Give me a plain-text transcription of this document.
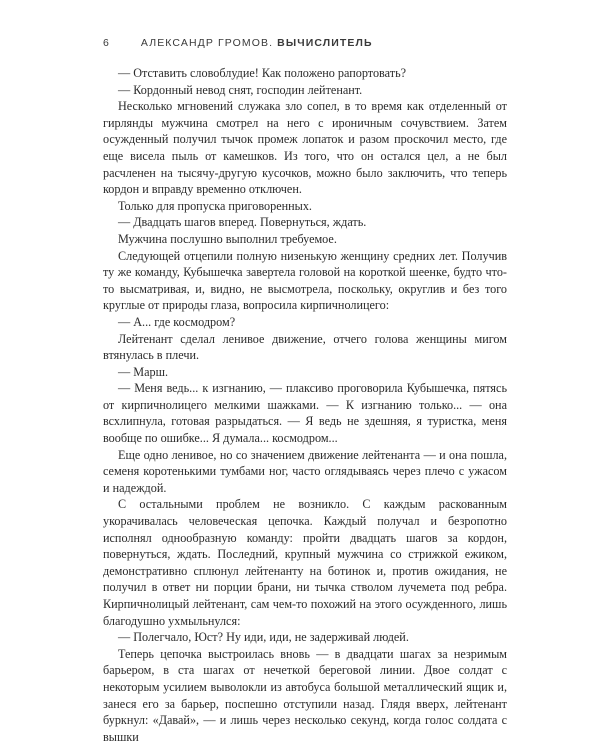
6	АЛЕКСАНДР ГРОМОВ. ВЫЧИСЛИТЕЛЬ

— Отставить словоблудие! Как положено рапортовать?

— Кордонный невод снят, господин лейтенант.

Несколько мгновений служака зло сопел, в то время как отделенный от гирлянды мужчина смотрел на него с ироничным сочувствием. Затем осужденный получил тычок промеж лопаток и разом проскочил место, где еще висела пыль от камешков. Из того, что он остался цел, а не был расчленен на тысячу-другую кусочков, можно было заключить, что теперь кордон и вправду временно отключен.

Только для пропуска приговоренных.

— Двадцать шагов вперед. Повернуться, ждать.

Мужчина послушно выполнил требуемое.

Следующей отцепили полную низенькую женщину средних лет. Получив ту же команду, Кубышечка завертела головой на короткой шеенке, будто что-то высматривая, и, видно, не высмотрела, поскольку, округлив и без того круглые от природы глаза, вопросила кирпичнолицего:

— А... где космодром?

Лейтенант сделал ленивое движение, отчего голова женщины мигом втянулась в плечи.

— Марш.

— Меня ведь... к изгнанию, — плаксиво проговорила Кубышечка, пятясь от кирпичнолицего мелкими шажками. — К изгнанию только... — она всхлипнула, готовая разрыдаться. — Я ведь не здешняя, я туристка, меня вообще по ошибке... Я думала... космодром...

Еще одно ленивое, но со значением движение лейтенанта — и она пошла, семеня коротенькими тумбами ног, часто оглядываясь через плечо с ужасом и надеждой.

С остальными проблем не возникло. С каждым раскованным укорачивалась человеческая цепочка. Каждый получал и безропотно исполнял однообразную команду: пройти двадцать шагов за кордон, повернуться, ждать. Последний, крупный мужчина со стрижкой ежиком, демонстративно сплюнул лейтенанту на ботинок и, против ожидания, не получил в ответ ни порции брани, ни тычка стволом лучемета под ребра. Кирпичнолицый лейтенант, сам чем-то похожий на этого осужденного, лишь благодушно ухмыльнулся:

— Полегчало, Юст? Ну иди, иди, не задерживай людей.

Теперь цепочка выстроилась вновь — в двадцати шагах за незримым барьером, в ста шагах от нечеткой береговой линии. Двое солдат с некоторым усилием выволокли из автобуса большой металлический ящик и, занеся его за барьер, поспешно отступили назад. Глядя вверх, лейтенант буркнул: «Давай», — и лишь через несколько секунд, когда голос солдата с вышки
